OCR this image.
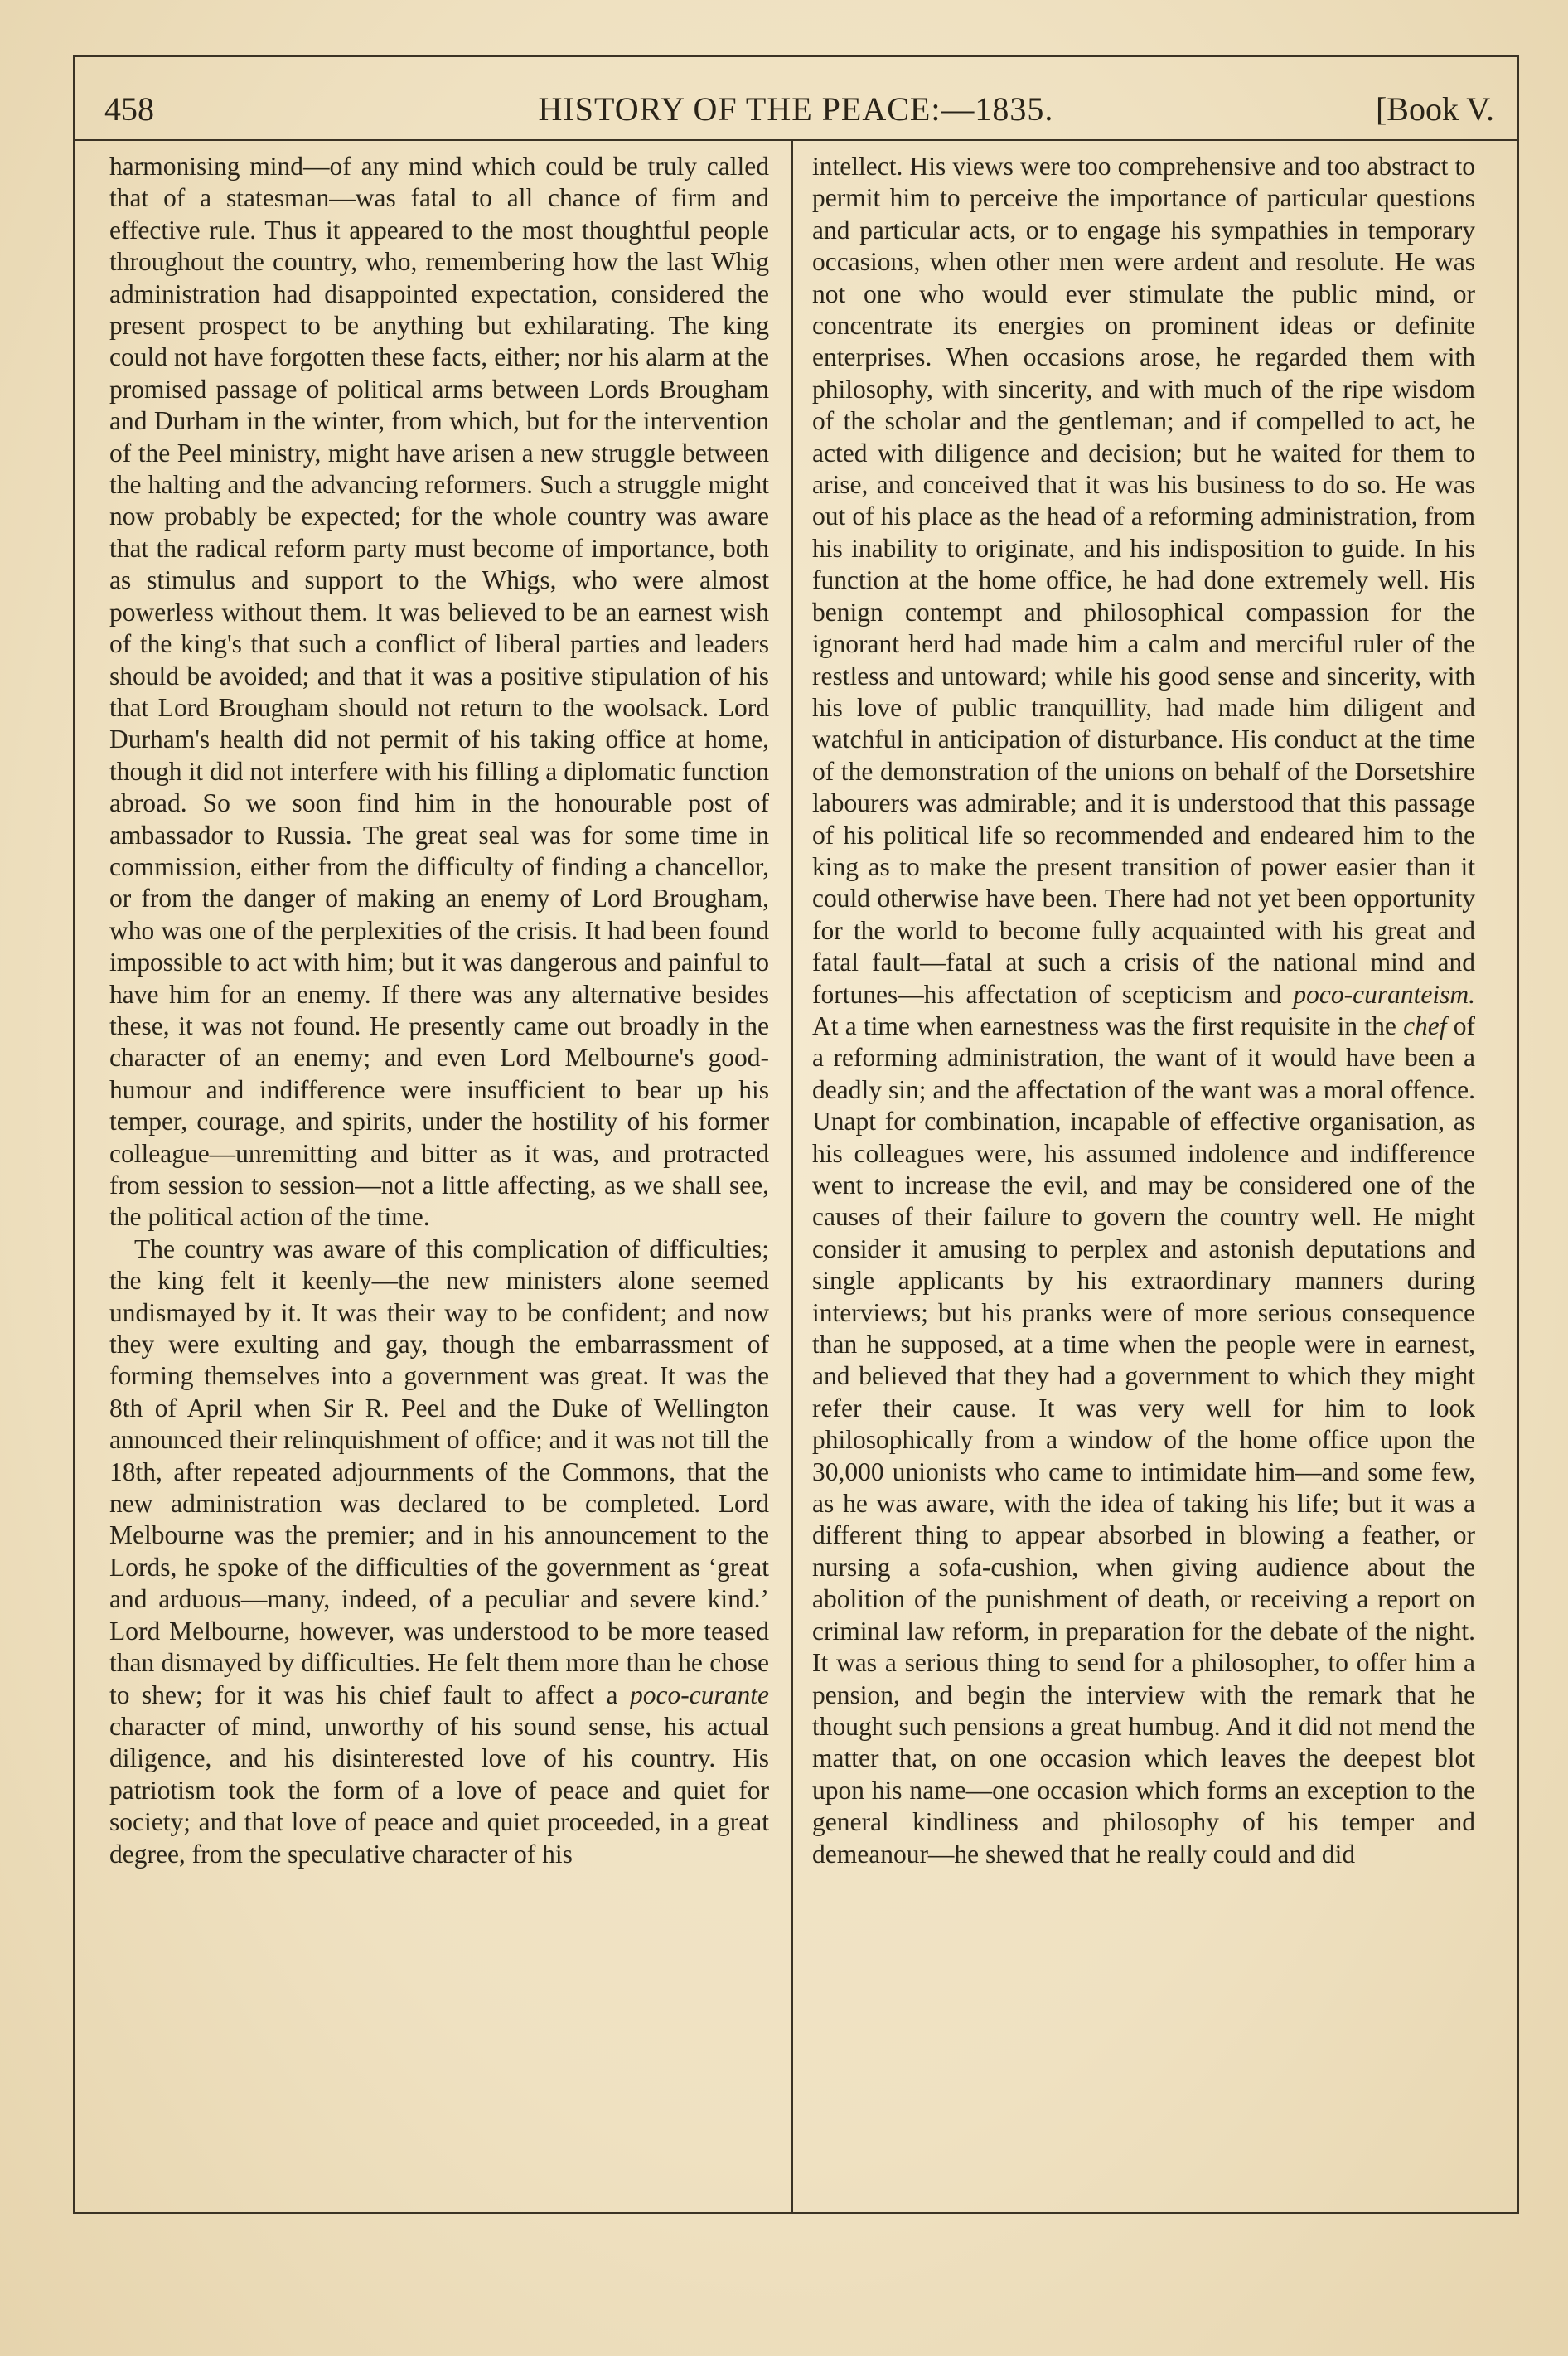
458	HISTORY OF THE PEACE:—1835.	[Book V.

harmonising mind—of any mind which could be truly called that of a statesman—was fatal to all chance of firm and effective rule. Thus it appeared to the most thoughtful people throughout the country, who, remembering how the last Whig administration had disappointed expectation, considered the present prospect to be anything but exhilarating. The king could not have forgotten these facts, either; nor his alarm at the promised passage of political arms between Lords Brougham and Durham in the winter, from which, but for the intervention of the Peel ministry, might have arisen a new struggle between the halting and the advancing reformers. Such a struggle might now probably be expected; for the whole country was aware that the radical reform party must become of importance, both as stimulus and support to the Whigs, who were almost powerless without them. It was believed to be an earnest wish of the king's that such a conflict of liberal parties and leaders should be avoided; and that it was a positive stipulation of his that Lord Brougham should not return to the woolsack. Lord Durham's health did not permit of his taking office at home, though it did not interfere with his filling a diplomatic function abroad. So we soon find him in the honourable post of ambassador to Russia. The great seal was for some time in commission, either from the difficulty of finding a chancellor, or from the danger of making an enemy of Lord Brougham, who was one of the perplexities of the crisis. It had been found impossible to act with him; but it was dangerous and painful to have him for an enemy. If there was any alternative besides these, it was not found. He presently came out broadly in the character of an enemy; and even Lord Melbourne's good-humour and indifference were insufficient to bear up his temper, courage, and spirits, under the hostility of his former colleague—unremitting and bitter as it was, and protracted from session to session—not a little affecting, as we shall see, the political action of the time.

The country was aware of this complication of difficulties; the king felt it keenly—the new ministers alone seemed undismayed by it. It was their way to be confident; and now they were exulting and gay, though the embarrassment of forming themselves into a government was great. It was the 8th of April when Sir R. Peel and the Duke of Wellington announced their relinquishment of office; and it was not till the 18th, after repeated adjournments of the Commons, that the new administration was declared to be completed. Lord Melbourne was the premier; and in his announcement to the Lords, he spoke of the difficulties of the government as ‘great and arduous—many, indeed, of a peculiar and severe kind.’ Lord Melbourne, however, was understood to be more teased than dismayed by difficulties. He felt them more than he chose to shew; for it was his chief fault to affect a poco-curante character of mind, unworthy of his sound sense, his actual diligence, and his disinterested love of his country. His patriotism took the form of a love of peace and quiet for society; and that love of peace and quiet proceeded, in a great degree, from the speculative character of his

intellect. His views were too comprehensive and too abstract to permit him to perceive the importance of particular questions and particular acts, or to engage his sympathies in temporary occasions, when other men were ardent and resolute. He was not one who would ever stimulate the public mind, or concentrate its energies on prominent ideas or definite enterprises. When occasions arose, he regarded them with philosophy, with sincerity, and with much of the ripe wisdom of the scholar and the gentleman; and if compelled to act, he acted with diligence and decision; but he waited for them to arise, and conceived that it was his business to do so. He was out of his place as the head of a reforming administration, from his inability to originate, and his indisposition to guide. In his function at the home office, he had done extremely well. His benign contempt and philosophical compassion for the ignorant herd had made him a calm and merciful ruler of the restless and untoward; while his good sense and sincerity, with his love of public tranquillity, had made him diligent and watchful in anticipation of disturbance. His conduct at the time of the demonstration of the unions on behalf of the Dorsetshire labourers was admirable; and it is understood that this passage of his political life so recommended and endeared him to the king as to make the present transition of power easier than it could otherwise have been. There had not yet been opportunity for the world to become fully acquainted with his great and fatal fault—fatal at such a crisis of the national mind and fortunes—his affectation of scepticism and poco-curanteism. At a time when earnestness was the first requisite in the chef of a reforming administration, the want of it would have been a deadly sin; and the affectation of the want was a moral offence. Unapt for combination, incapable of effective organisation, as his colleagues were, his assumed indolence and indifference went to increase the evil, and may be considered one of the causes of their failure to govern the country well. He might consider it amusing to perplex and astonish deputations and single applicants by his extraordinary manners during interviews; but his pranks were of more serious consequence than he supposed, at a time when the people were in earnest, and believed that they had a government to which they might refer their cause. It was very well for him to look philosophically from a window of the home office upon the 30,000 unionists who came to intimidate him—and some few, as he was aware, with the idea of taking his life; but it was a different thing to appear absorbed in blowing a feather, or nursing a sofa-cushion, when giving audience about the abolition of the punishment of death, or receiving a report on criminal law reform, in preparation for the debate of the night. It was a serious thing to send for a philosopher, to offer him a pension, and begin the interview with the remark that he thought such pensions a great humbug. And it did not mend the matter that, on one occasion which leaves the deepest blot upon his name—one occasion which forms an exception to the general kindliness and philosophy of his temper and demeanour—he shewed that he really could and did
